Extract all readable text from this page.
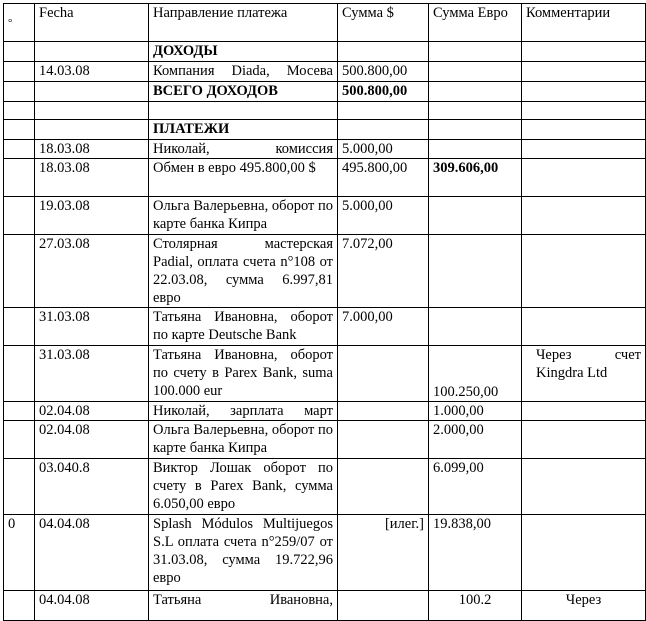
°	Fecha	Направление платежа	Сумма $	Сумма Евро	Комментарии
		ДОХОДЫ			
	14.03.08	Компания Diada, Мосева	500.800,00		
		ВСЕГО ДОХОДОВ	500.800,00		

		ПЛАТЕЖИ			
	18.03.08	Николай, комиссия	5.000,00		
	18.03.08	Обмен в евро 495.800,00 $	495.800,00	309.606,00	
	19.03.08	Ольга Валерьевна, оборот по карте банка Кипра	5.000,00		
	27.03.08	Столярная мастерская Padial, оплата счета n°108 от 22.03.08, сумма 6.997,81 евро	7.072,00		
	31.03.08	Татьяна Ивановна, оборот по карте Deutsche Bank	7.000,00		
	31.03.08	Татьяна Ивановна, оборот по счету в Parex Bank, suma 100.000 eur		100.250,00	Через счет Kingdra Ltd
	02.04.08	Николай, зарплата март		1.000,00	
	02.04.08	Ольга Валерьевна, оборот по карте банка Кипра		2.000,00	
	03.040.8	Виктор Лошак оборот по счету в Parex Bank, сумма 6.050,00 евро		6.099,00	
0	04.04.08	Splash Módulos Multijuegos S.L оплата счета n°259/07 от 31.03.08, сумма 19.722,96 евро	[илег.]	19.838,00	
	04.04.08	Татьяна Ивановна,		100.2	Через
